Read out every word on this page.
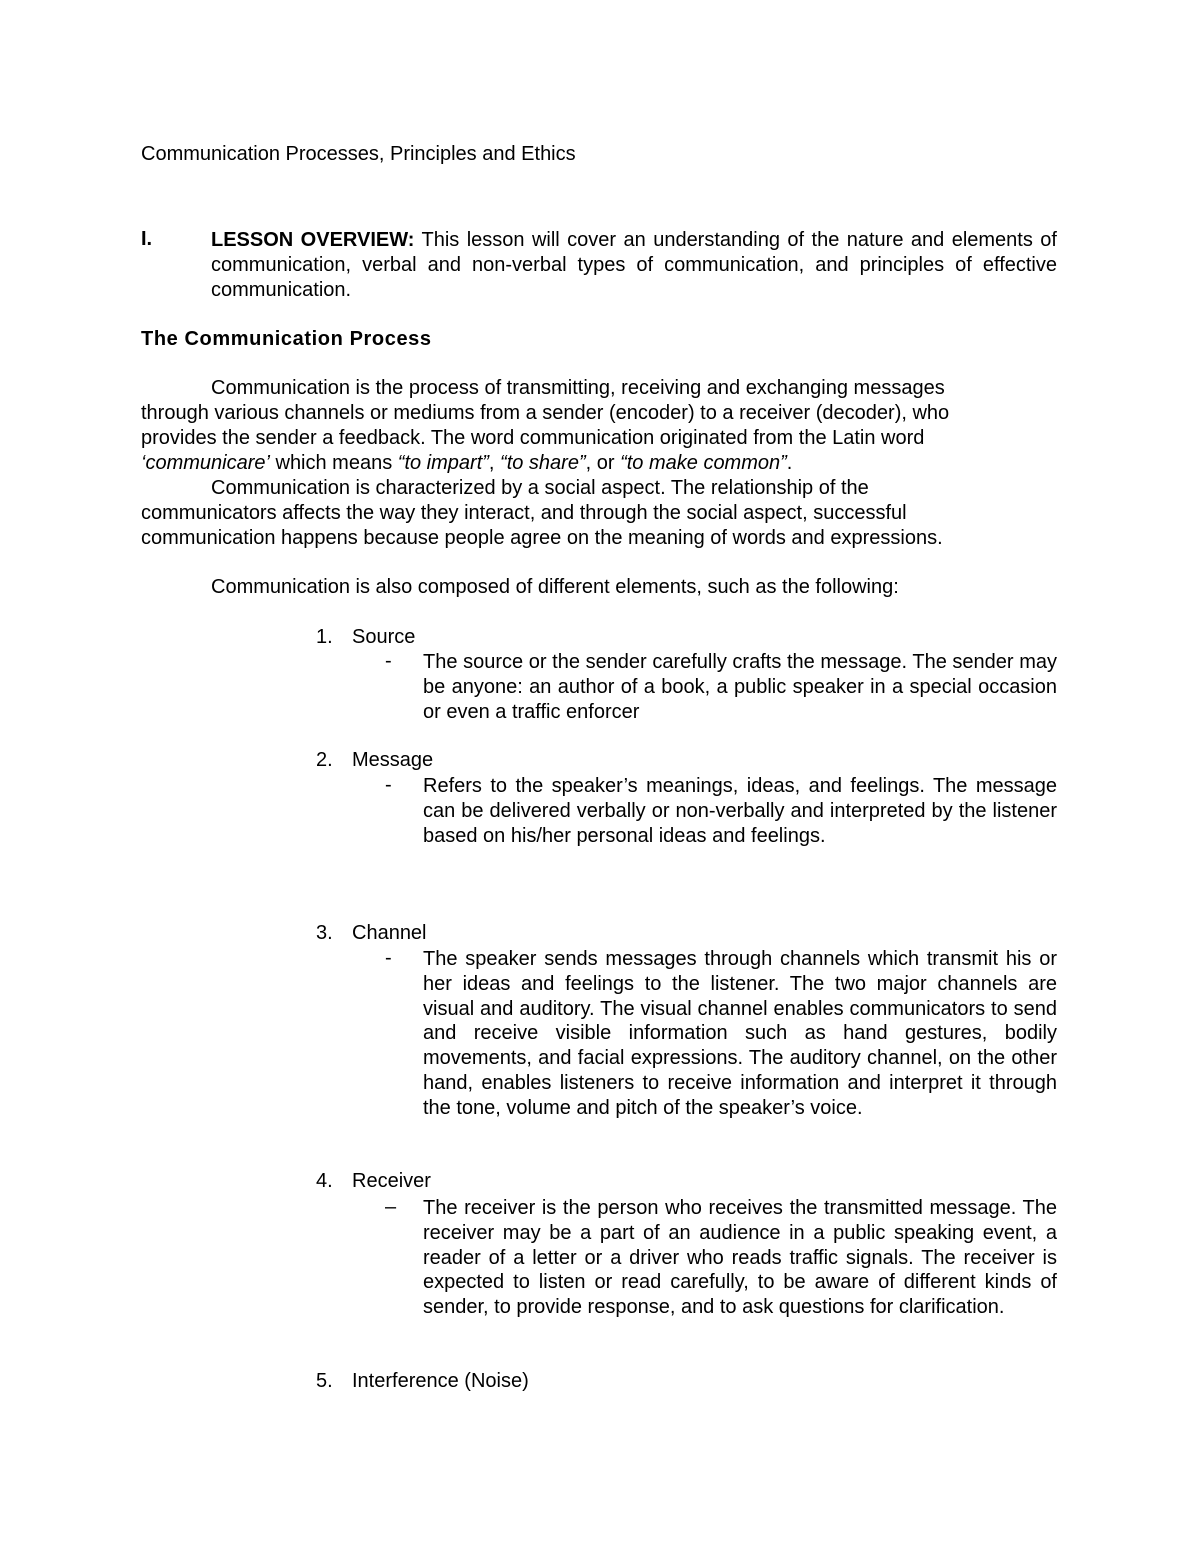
Communication Processes, Principles and Ethics
I.	LESSON OVERVIEW: This lesson will cover an understanding of the nature and elements of communication, verbal and non-verbal types of communication, and principles of effective communication.
The Communication Process
Communication is the process of transmitting, receiving and exchanging messages
through various channels or mediums from a sender (encoder) to a receiver (decoder), who
provides the sender a feedback. The word communication originated from the Latin word
‘communicare’ which means “to impart”, “to share”, or “to make common”.
Communication is characterized by a social aspect. The relationship of the
communicators affects the way they interact, and through the social aspect, successful
communication happens because people agree on the meaning of words and expressions.
Communication is also composed of different elements, such as the following:
1. Source
- The source or the sender carefully crafts the message. The sender may be anyone: an author of a book, a public speaker in a special occasion or even a traffic enforcer
2. Message
- Refers to the speaker’s meanings, ideas, and feelings. The message can be delivered verbally or non-verbally and interpreted by the listener based on his/her personal ideas and feelings.
3. Channel
- The speaker sends messages through channels which transmit his or her ideas and feelings to the listener. The two major channels are visual and auditory. The visual channel enables communicators to send and receive visible information such as hand gestures, bodily movements, and facial expressions. The auditory channel, on the other hand, enables listeners to receive information and interpret it through the tone, volume and pitch of the speaker’s voice.
4. Receiver
– The receiver is the person who receives the transmitted message. The receiver may be a part of an audience in a public speaking event, a reader of a letter or a driver who reads traffic signals. The receiver is expected to listen or read carefully, to be aware of different kinds of sender, to provide response, and to ask questions for clarification.
5. Interference (Noise)
